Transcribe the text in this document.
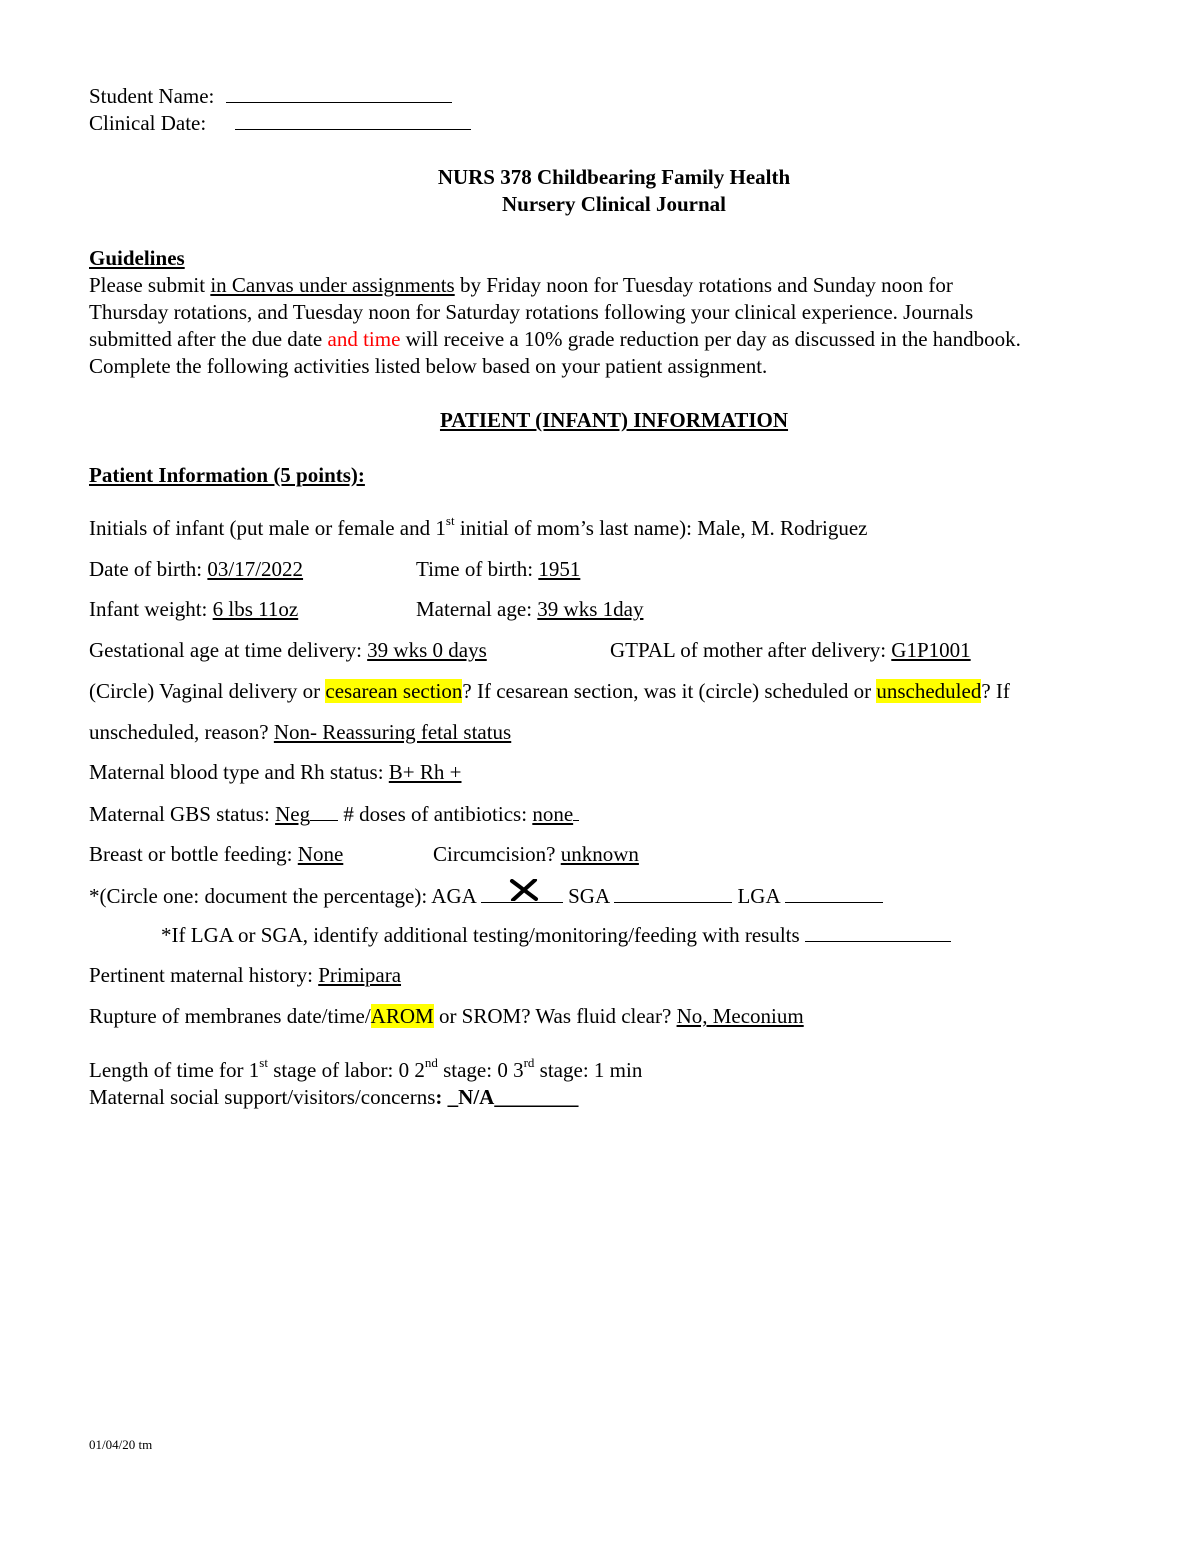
Student Name:
Clinical Date:
NURS 378 Childbearing Family Health
Nursery Clinical Journal
Guidelines
Please submit in Canvas under assignments by Friday noon for Tuesday rotations and Sunday noon for
Thursday rotations, and Tuesday noon for Saturday rotations following your clinical experience. Journals
submitted after the due date and time will receive a 10% grade reduction per day as discussed in the handbook.
Complete the following activities listed below based on your patient assignment.
PATIENT (INFANT) INFORMATION
Patient Information (5 points):
Initials of infant (put male or female and 1st initial of mom’s last name): Male, M. Rodriguez
Date of birth: 03/17/2022	Time of birth: 1951
Infant weight: 6 lbs 11oz	Maternal age: 39 wks 1day
Gestational age at time delivery: 39 wks 0 days	GTPAL of mother after delivery: G1P1001
(Circle) Vaginal delivery or cesarean section? If cesarean section, was it (circle) scheduled or unscheduled? If
unscheduled, reason? Non- Reassuring fetal status
Maternal blood type and Rh status: B+ Rh +
Maternal GBS status: Neg # doses of antibiotics: none
Breast or bottle feeding: None	Circumcision? unknown
*(Circle one: document the percentage): AGA	SGA	LGA
*If LGA or SGA, identify additional testing/monitoring/feeding with results
Pertinent maternal history: Primipara
Rupture of membranes date/time/AROM or SROM? Was fluid clear? No, Meconium
Length of time for 1st stage of labor: 0 2nd stage: 0 3rd stage: 1 min
Maternal social support/visitors/concerns: _N/A________
01/04/20 tm
